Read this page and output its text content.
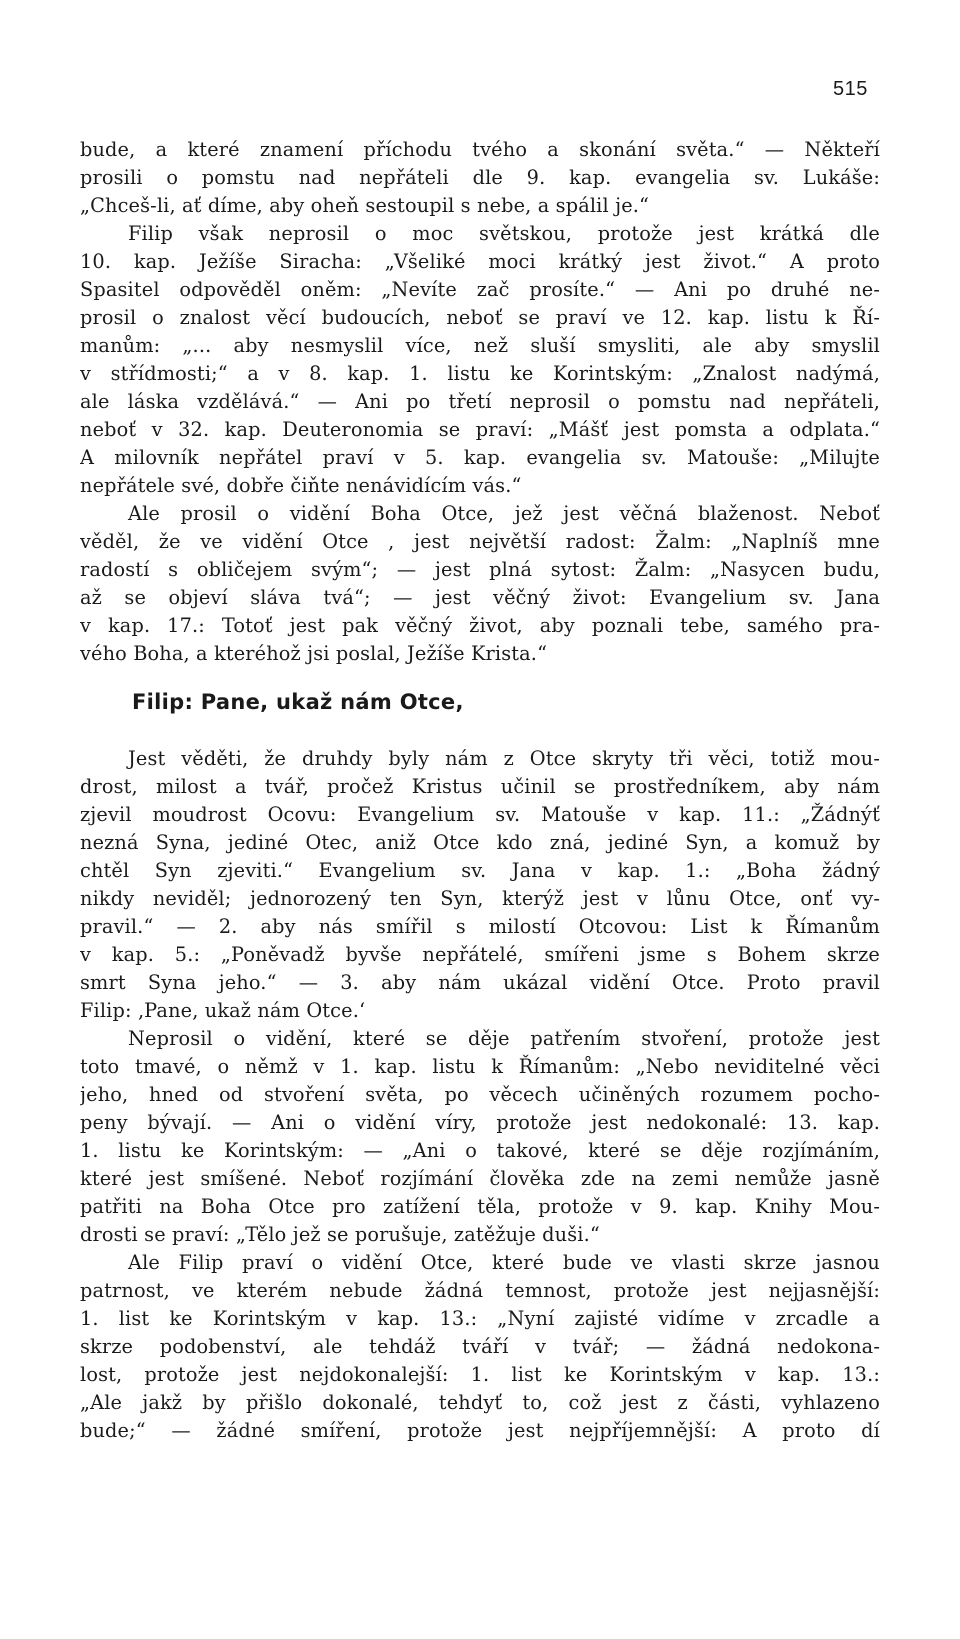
515
bude, a které znamení příchodu tvého a skonání světa.“ — Někteří
prosili o pomstu nad nepřáteli dle 9. kap. evangelia sv. Lukáše:
„Chceš-li, ať díme, aby oheň sestoupil s nebe, a spálil je.“
Filip však neprosil o moc světskou, protože jest krátká dle
10. kap. Ježíše Siracha: „Všeliké moci krátký jest život.“ A proto
Spasitel odpověděl oněm: „Nevíte zač prosíte.“ — Ani po druhé ne-
prosil o znalost věcí budoucích, neboť se praví ve 12. kap. listu k Ří-
manům: „... aby nesmyslil více, než sluší smysliti, ale aby smyslil
v střídmosti;“ a v 8. kap. 1. listu ke Korintským: „Znalost nadýmá,
ale láska vzdělává.“ — Ani po třetí neprosil o pomstu nad nepřáteli,
neboť v 32. kap. Deuteronomia se praví: „Mášť jest pomsta a odplata.“
A milovník nepřátel praví v 5. kap. evangelia sv. Matouše: „Milujte
nepřátele své, dobře čiňte nenávidícím vás.“
Ale prosil o vidění Boha Otce, jež jest věčná blaženost. Neboť
věděl, že ve vidění Otce , jest největší radost: Žalm: „Naplníš mne
radostí s obličejem svým“; — jest plná sytost: Žalm: „Nasycen budu,
až se objeví sláva tvá“; — jest věčný život: Evangelium sv. Jana
v kap. 17.: Totoť jest pak věčný život, aby poznali tebe, samého pra-
vého Boha, a kteréhož jsi poslal, Ježíše Krista.“
Filip: Pane, ukaž nám Otce,
Jest věděti, že druhdy byly nám z Otce skryty tři věci, totiž mou-
drost, milost a tvář, pročež Kristus učinil se prostředníkem, aby nám
zjevil moudrost Ocovu: Evangelium sv. Matouše v kap. 11.: „Žádnýť
nezná Syna, jediné Otec, aniž Otce kdo zná, jediné Syn, a komuž by
chtěl Syn zjeviti.“ Evangelium sv. Jana v kap. 1.: „Boha žádný
nikdy neviděl; jednorozený ten Syn, kterýž jest v lůnu Otce, onť vy-
pravil.“ — 2. aby nás smířil s milostí Otcovou: List k Římanům
v kap. 5.: „Poněvadž byvše nepřátelé, smířeni jsme s Bohem skrze
smrt Syna jeho.“ — 3. aby nám ukázal vidění Otce. Proto pravil
Filip: ‚Pane, ukaž nám Otce.‘
Neprosil o vidění, které se děje patřením stvoření, protože jest
toto tmavé, o němž v 1. kap. listu k Římanům: „Nebo neviditelné věci
jeho, hned od stvoření světa, po věcech učiněných rozumem pocho-
peny bývají. — Ani o vidění víry, protože jest nedokonalé: 13. kap.
1. listu ke Korintským: — „Ani o takové, které se děje rozjímáním,
které jest smíšené. Neboť rozjímání člověka zde na zemi nemůže jasně
patřiti na Boha Otce pro zatížení těla, protože v 9. kap. Knihy Mou-
drosti se praví: „Tělo jež se porušuje, zatěžuje duši.“
Ale Filip praví o vidění Otce, které bude ve vlasti skrze jasnou
patrnost, ve kterém nebude žádná temnost, protože jest nejjasnější:
1. list ke Korintským v kap. 13.: „Nyní zajisté vidíme v zrcadle a
skrze podobenství, ale tehdáž tváří v tvář; — žádná nedokona-
lost, protože jest nejdokonalejší: 1. list ke Korintským v kap. 13.:
„Ale jakž by přišlo dokonalé, tehdyť to, což jest z části, vyhlazeno
bude;“ — žádné smíření, protože jest nejpříjemnější: A proto dí
